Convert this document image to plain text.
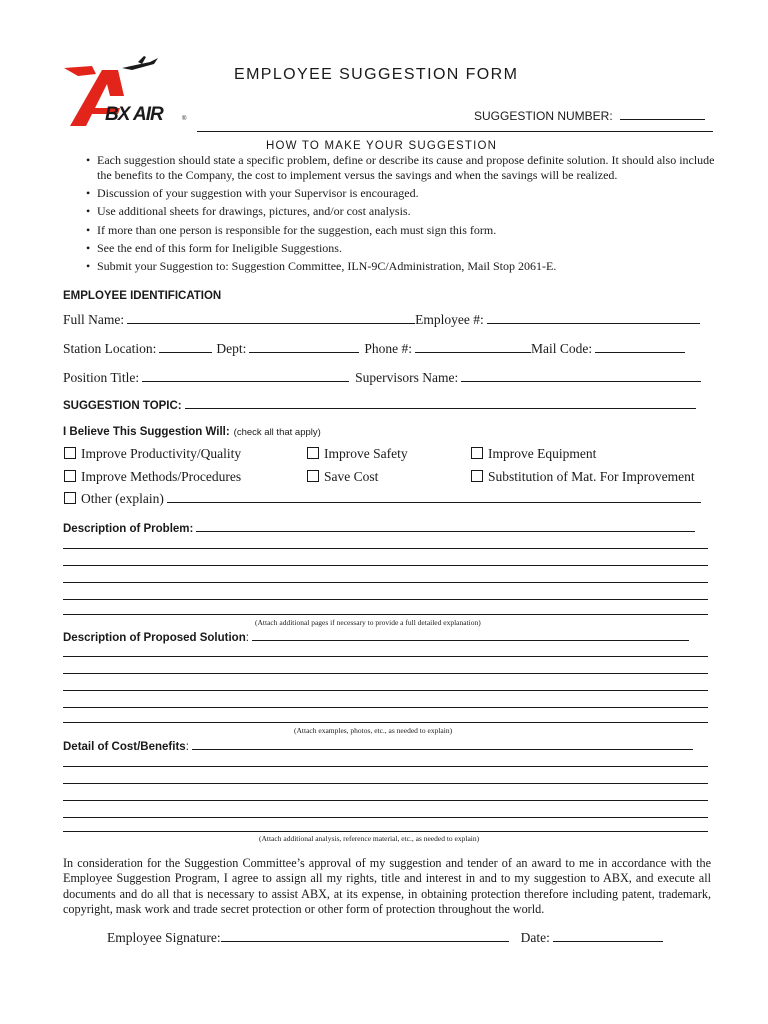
BX AIR	®
EMPLOYEE SUGGESTION FORM
SUGGESTION NUMBER:
HOW TO MAKE YOUR SUGGESTION
• Each suggestion should state a specific problem, define or describe its cause and propose definite solution. It should also include the benefits to the Company, the cost to implement versus the savings and when the savings will be realized.
• Discussion of your suggestion with your Supervisor is encouraged.
• Use additional sheets for drawings, pictures, and/or cost analysis.
• If more than one person is responsible for the suggestion, each must sign this form.
• See the end of this form for Ineligible Suggestions.
• Submit your Suggestion to: Suggestion Committee, ILN-9C/Administration, Mail Stop 2061-E.
EMPLOYEE IDENTIFICATION
Full Name:	Employee #:
Station Location:	Dept:	Phone #:	Mail Code:
Position Title:	Supervisors Name:
SUGGESTION TOPIC:
I Believe This Suggestion Will: (check all that apply)
Improve Productivity/Quality	Improve Safety	Improve Equipment
Improve Methods/Procedures	Save Cost	Substitution of Mat. For Improvement
Other (explain)
Description of Problem:
(Attach additional pages if necessary to provide a full detailed explanation)
Description of Proposed Solution:
(Attach examples, photos, etc., as needed to explain)
Detail of Cost/Benefits:
(Attach additional analysis, reference material, etc., as needed to explain)
In consideration for the Suggestion Committee’s approval of my suggestion and tender of an award to me in accordance with the Employee Suggestion Program, I agree to assign all my rights, title and interest in and to my suggestion to ABX, and execute all documents and do all that is necessary to assist ABX, at its expense, in obtaining protection therefore including patent, trademark, copyright, mask work and trade secret protection or other form of protection throughout the world.
Employee Signature:	Date:
